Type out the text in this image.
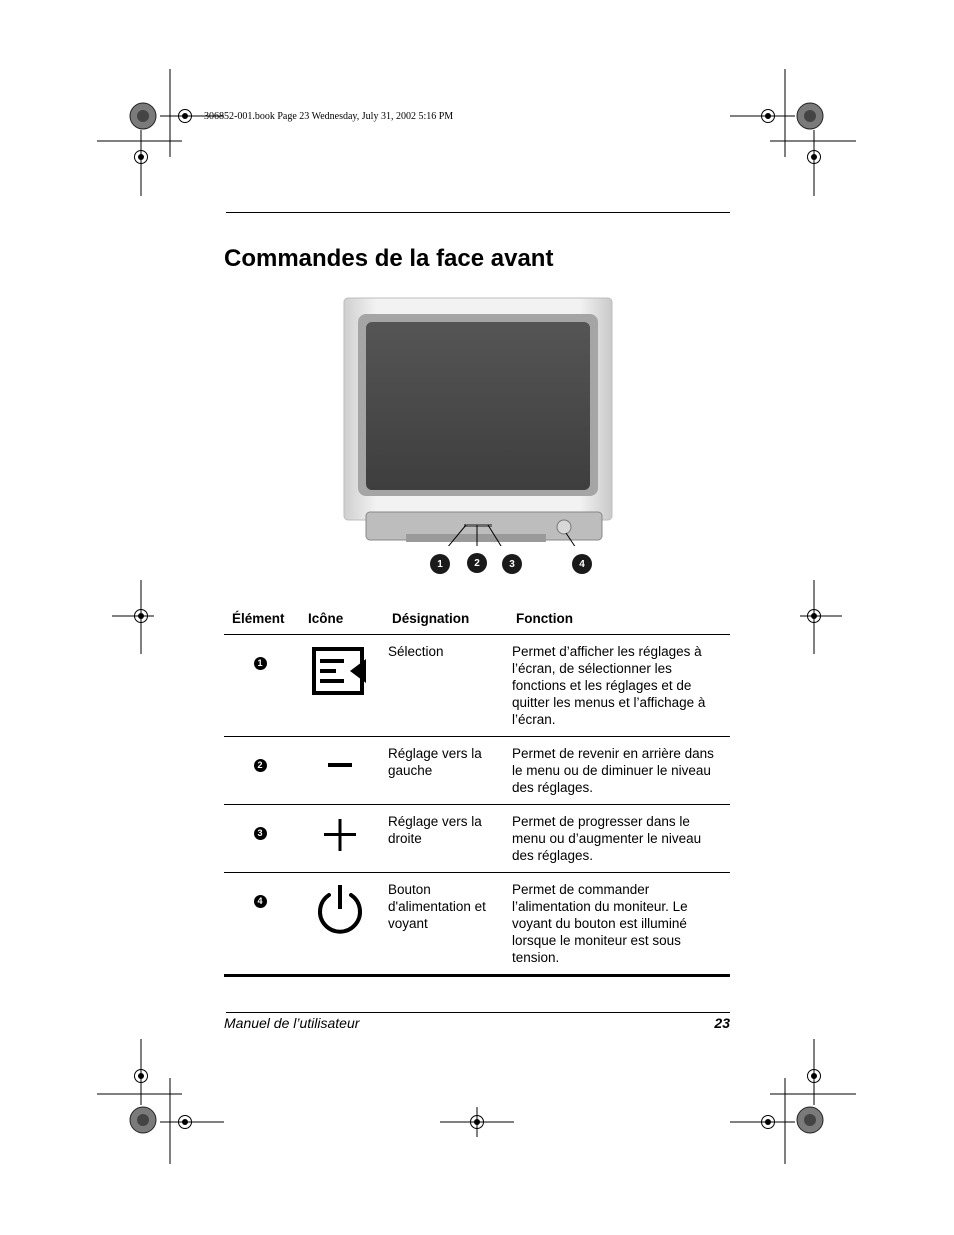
306852-001.book Page 23 Wednesday, July 31, 2002 5:16 PM
Commandes de la face avant
1	2	3	4
Élément	Icône	Désignation	Fonction
1		Sélection	Permet d’afficher les réglages à l’écran, de sélectionner les fonctions et les réglages et de quitter les menus et l’affichage à l’écran.
2		Réglage vers la gauche	Permet de revenir en arrière dans le menu ou de diminuer le niveau des réglages.
3		Réglage vers la droite	Permet de progresser dans le menu ou d’augmenter le niveau des réglages.
4		Bouton d'alimentation et voyant	Permet de commander l’alimentation du moniteur. Le voyant du bouton est illuminé lorsque le moniteur est sous tension.
Manuel de l’utilisateur	23
